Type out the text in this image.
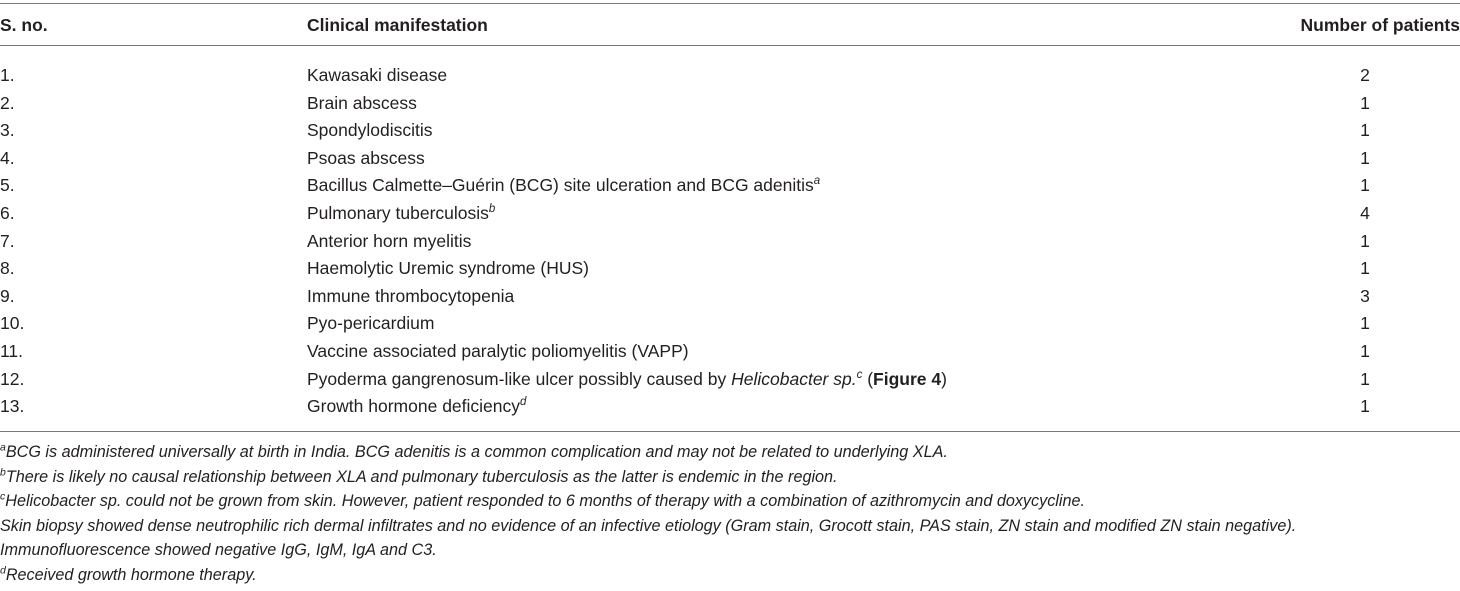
S. no.	Clinical manifestation	Number of patients
1.	Kawasaki disease	2
2.	Brain abscess	1
3.	Spondylodiscitis	1
4.	Psoas abscess	1
5.	Bacillus Calmette–Guérin (BCG) site ulceration and BCG adenitis$^a$	1
6.	Pulmonary tuberculosis$^b$	4
7.	Anterior horn myelitis	1
8.	Haemolytic Uremic syndrome (HUS)	1
9.	Immune thrombocytopenia	3
10.	Pyo-pericardium	1
11.	Vaccine associated paralytic poliomyelitis (VAPP)	1
12.	Pyoderma gangrenosum-like ulcer possibly caused by Helicobacter sp.$^c$ (Figure 4)	1
13.	Growth hormone deficiency$^d$	1
$^a$BCG is administered universally at birth in India. BCG adenitis is a common complication and may not be related to underlying XLA.
$^b$There is likely no causal relationship between XLA and pulmonary tuberculosis as the latter is endemic in the region.
$^c$Helicobacter sp. could not be grown from skin. However, patient responded to 6 months of therapy with a combination of azithromycin and doxycycline.
Skin biopsy showed dense neutrophilic rich dermal infiltrates and no evidence of an infective etiology (Gram stain, Grocott stain, PAS stain, ZN stain and modified ZN stain negative).
Immunofluorescence showed negative IgG, IgM, IgA and C3.
$^d$Received growth hormone therapy.
